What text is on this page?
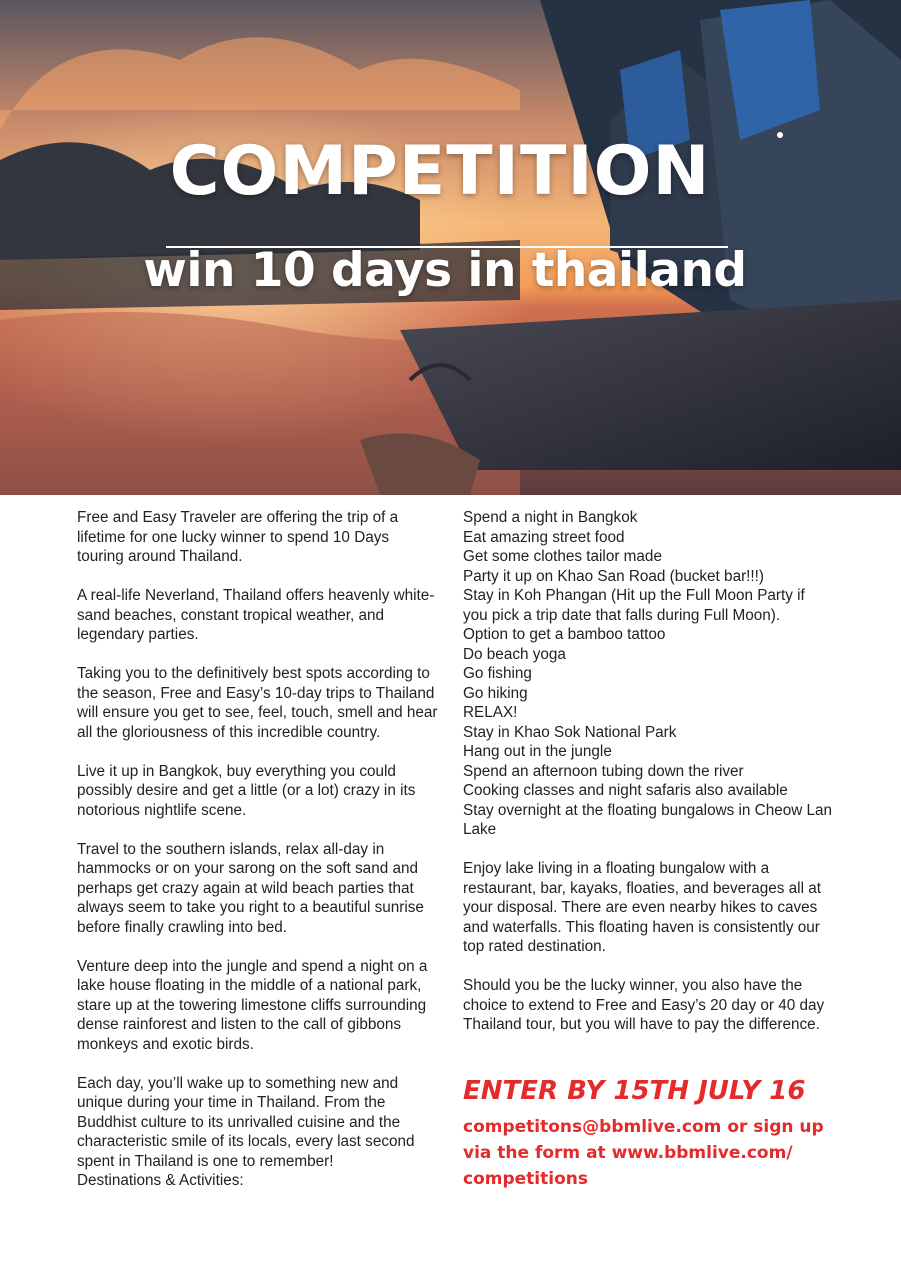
COMPETITION
win 10 days in thailand

Free and Easy Traveler are offering the trip of a lifetime for one lucky winner to spend 10 Days touring around Thailand.

A real-life Neverland, Thailand offers heavenly white-sand beaches, constant tropical weather, and legendary parties.

Taking you to the definitively best spots according to the season, Free and Easy’s 10-day trips to Thailand will ensure you get to see, feel, touch, smell and hear all the gloriousness of this incredible country.

Live it up in Bangkok, buy everything you could possibly desire and get a little (or a lot) crazy in its notorious nightlife scene.

Travel to the southern islands, relax all-day in hammocks or on your sarong on the soft sand and perhaps get crazy again at wild beach parties that always seem to take you right to a beautiful sunrise before finally crawling into bed.

Venture deep into the jungle and spend a night on a lake house floating in the middle of a national park, stare up at the towering limestone cliffs surrounding dense rainforest and listen to the call of gibbons monkeys and exotic birds.

Each day, you’ll wake up to something new and unique during your time in Thailand. From the Buddhist culture to its unrivalled cuisine and the characteristic smile of its locals, every last second spent in Thailand is one to remember!

Destinations & Activities:
Spend a night in Bangkok
Eat amazing street food
Get some clothes tailor made
Party it up on Khao San Road (bucket bar!!!)
Stay in Koh Phangan (Hit up the Full Moon Party if you pick a trip date that falls during Full Moon).
Option to get a bamboo tattoo
Do beach yoga
Go fishing
Go hiking
RELAX!
Stay in Khao Sok National Park
Hang out in the jungle
Spend an afternoon tubing down the river
Cooking classes and night safaris also available
Stay overnight at the floating bungalows in Cheow Lan Lake

Enjoy lake living in a floating bungalow with a restaurant, bar, kayaks, floaties, and beverages all at your disposal. There are even nearby hikes to caves and waterfalls. This floating haven is consistently our top rated destination.

Should you be the lucky winner, you also have the choice to extend to Free and Easy’s 20 day or 40 day Thailand tour, but you will have to pay the difference.

ENTER BY 15TH JULY 16
competitons@bbmlive.com or sign up via the form at www.bbmlive.com/ competitions
